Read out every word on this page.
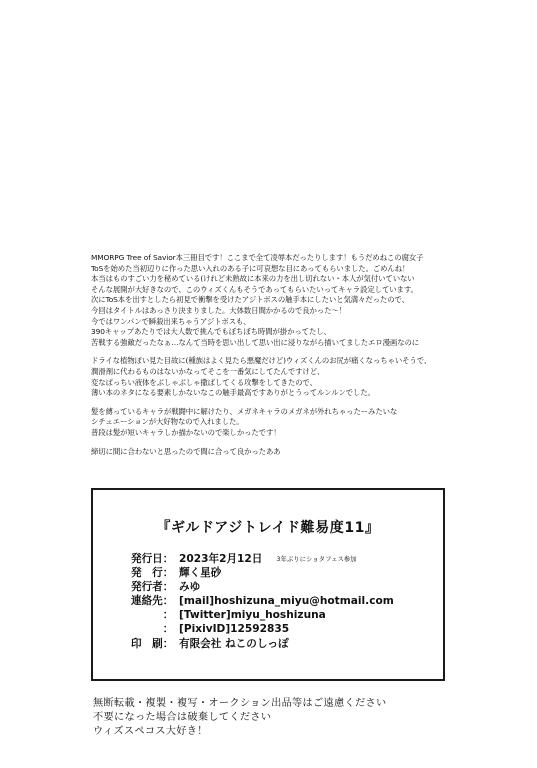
MMORPG Tree of Savior本三冊目です！ここまで全て凌辱本だったりします！もうだめねこの腐女子
ToSを始めた当初辺りに作った思い入れのある子に可哀想な目にあってもらいました。ごめんね！
本当はものすごい力を秘めている(けれど未熟故に本来の力を出し切れない・本人が気付いていない
そんな展開が大好きなので、このウィズくんもそうであってもらいたいってキャラ設定しています。
次にToS本を出すとしたら初見で衝撃を受けたアジトボスの触手本にしたいと気満々だったので、
今回はタイトルはあっさり決まりました。大体数日間かかるので良かった〜！
今ではワンパンで瞬殺出来ちゃうアジトボスも、
390キャップあたりでは大人数で挑んでもぼちぼち時間が掛かってたし、
苦戦する強敵だったなぁ…なんて当時を思い出して思い出に浸りながら描いてましたエロ漫画なのに
ドライな植物ぽい見た目故に(種族はよく見たら悪魔だけど)ウィズくんのお尻が痛くなっちゃいそうで、
潤滑剤に代わるものはないかなってそこを一番気にしてたんですけど、
変なぱっちい液体をぶしゃぶしゃ撒ばしてくる攻撃をしてきたので、
薄い本のネタになる要素しかないなこの触手最高ですありがとうってルンルンでした。
髪を縛っているキャラが戦闘中に解けたり、メガネキャラのメガネが外れちゃったーみたいな
シチュエーションが大好物なので入れました。
普段は髪が短いキャラしか描かないので楽しかったです！
締切に間に合わないと思ったので間に合って良かったああ
『ギルドアジトレイド難易度11』
発行日： 2023年2月12日 3年ぶりにショタフェス参加
発　行： 輝く星砂
発行者： みゆ
連絡先： [mail]hoshizuna_miyu@hotmail.com
　　　： [Twitter]miyu_hoshizuna
　　　： [PixivID]12592835
印　刷： 有限会社 ねこのしっぽ
無断転載・複製・複写・オークション出品等はご遠慮ください
不要になった場合は破棄してください
ウィズスペコス大好き！
